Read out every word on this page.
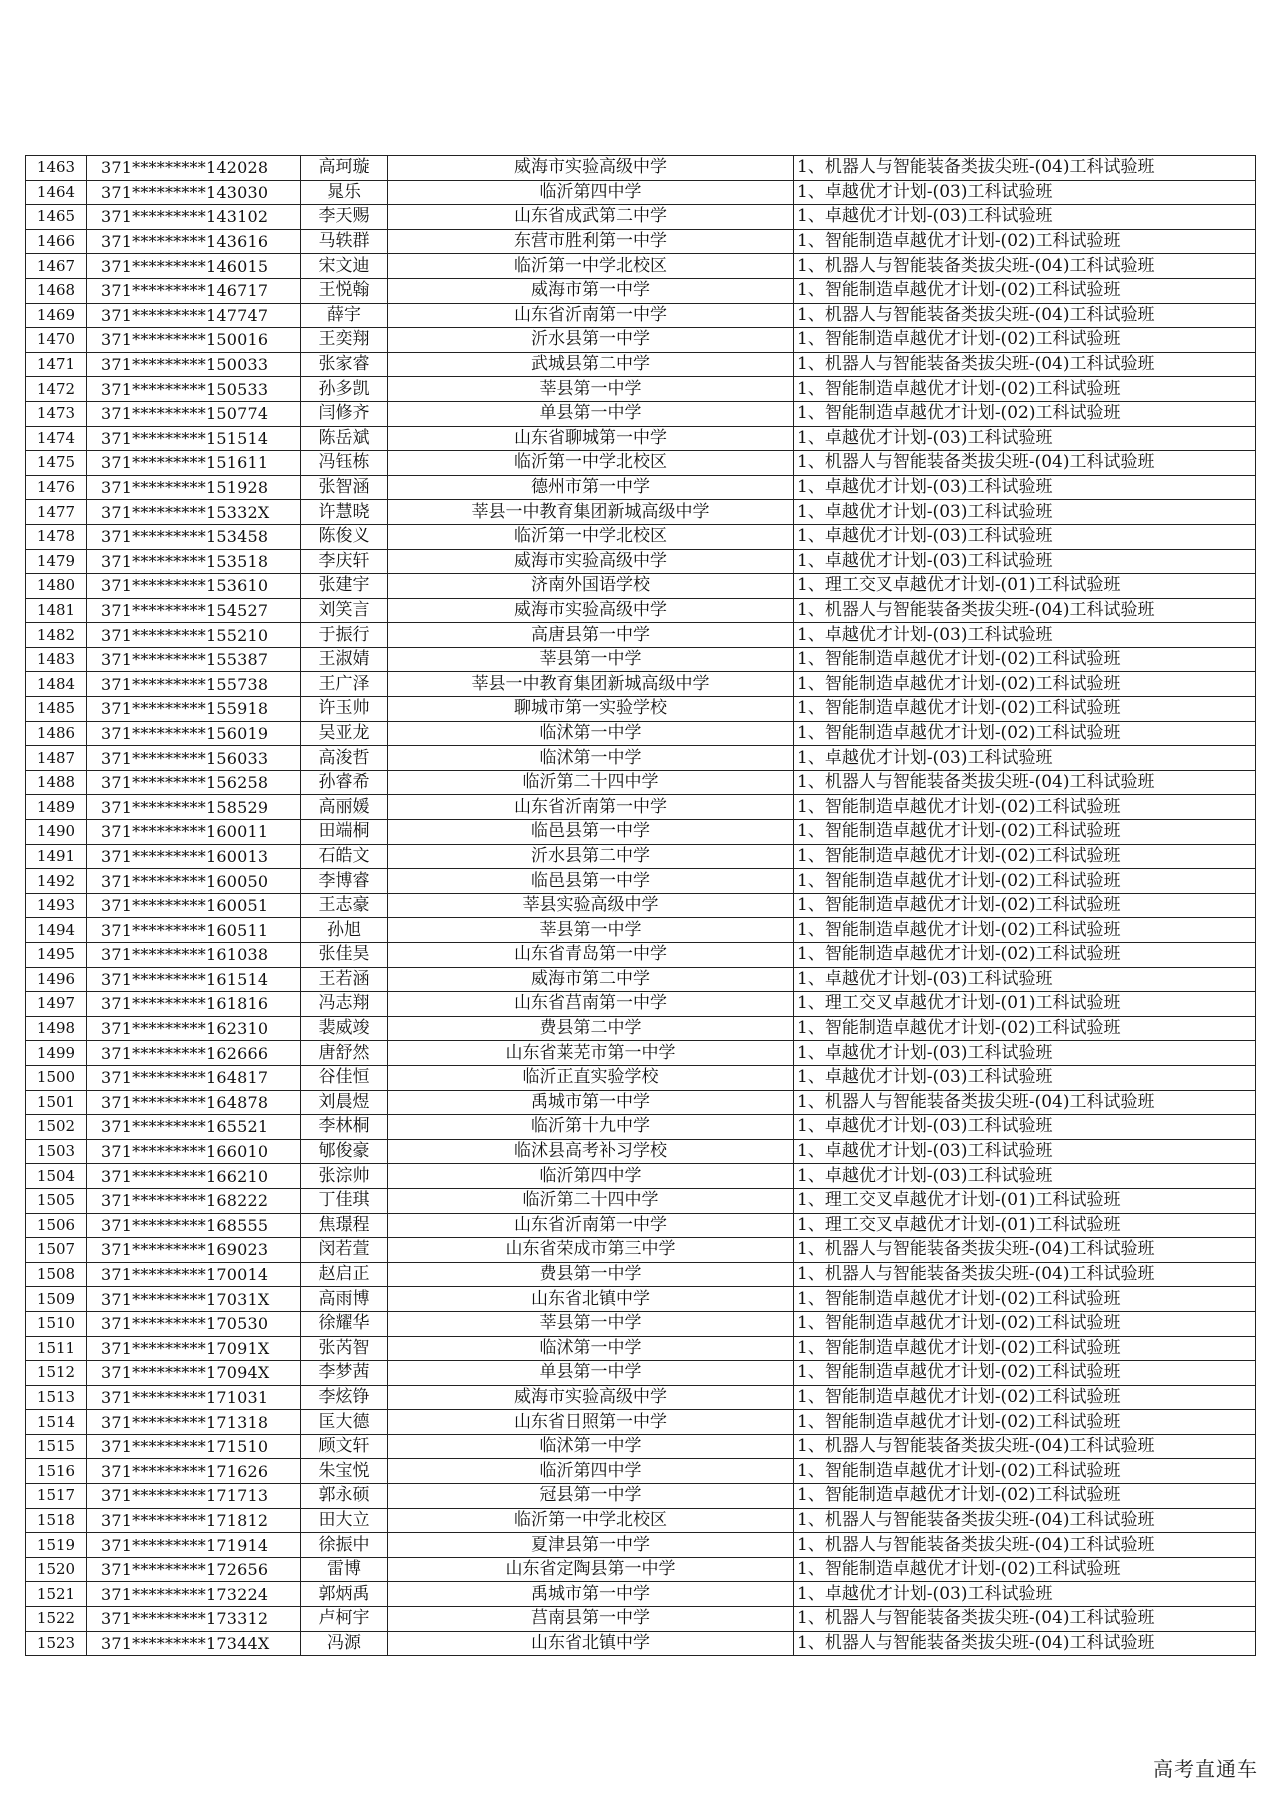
1463	371*********142028	高珂璇	威海市实验高级中学	1、机器人与智能装备类拔尖班-(04)工科试验班
1464	371*********143030	晁乐	临沂第四中学	1、卓越优才计划-(03)工科试验班
1465	371*********143102	李天赐	山东省成武第二中学	1、卓越优才计划-(03)工科试验班
1466	371*********143616	马轶群	东营市胜利第一中学	1、智能制造卓越优才计划-(02)工科试验班
1467	371*********146015	宋文迪	临沂第一中学北校区	1、机器人与智能装备类拔尖班-(04)工科试验班
1468	371*********146717	王悦翰	威海市第一中学	1、智能制造卓越优才计划-(02)工科试验班
1469	371*********147747	薛宇	山东省沂南第一中学	1、机器人与智能装备类拔尖班-(04)工科试验班
1470	371*********150016	王奕翔	沂水县第一中学	1、智能制造卓越优才计划-(02)工科试验班
1471	371*********150033	张家睿	武城县第二中学	1、机器人与智能装备类拔尖班-(04)工科试验班
1472	371*********150533	孙多凯	莘县第一中学	1、智能制造卓越优才计划-(02)工科试验班
1473	371*********150774	闫修齐	单县第一中学	1、智能制造卓越优才计划-(02)工科试验班
1474	371*********151514	陈岳斌	山东省聊城第一中学	1、卓越优才计划-(03)工科试验班
1475	371*********151611	冯钰栋	临沂第一中学北校区	1、机器人与智能装备类拔尖班-(04)工科试验班
1476	371*********151928	张智涵	德州市第一中学	1、卓越优才计划-(03)工科试验班
1477	371*********15332X	许慧晓	莘县一中教育集团新城高级中学	1、卓越优才计划-(03)工科试验班
1478	371*********153458	陈俊义	临沂第一中学北校区	1、卓越优才计划-(03)工科试验班
1479	371*********153518	李庆轩	威海市实验高级中学	1、卓越优才计划-(03)工科试验班
1480	371*********153610	张建宇	济南外国语学校	1、理工交叉卓越优才计划-(01)工科试验班
1481	371*********154527	刘笑言	威海市实验高级中学	1、机器人与智能装备类拔尖班-(04)工科试验班
1482	371*********155210	于振行	高唐县第一中学	1、卓越优才计划-(03)工科试验班
1483	371*********155387	王淑婧	莘县第一中学	1、智能制造卓越优才计划-(02)工科试验班
1484	371*********155738	王广泽	莘县一中教育集团新城高级中学	1、智能制造卓越优才计划-(02)工科试验班
1485	371*********155918	许玉帅	聊城市第一实验学校	1、智能制造卓越优才计划-(02)工科试验班
1486	371*********156019	吴亚龙	临沭第一中学	1、智能制造卓越优才计划-(02)工科试验班
1487	371*********156033	高浚哲	临沭第一中学	1、卓越优才计划-(03)工科试验班
1488	371*********156258	孙睿希	临沂第二十四中学	1、机器人与智能装备类拔尖班-(04)工科试验班
1489	371*********158529	高丽媛	山东省沂南第一中学	1、智能制造卓越优才计划-(02)工科试验班
1490	371*********160011	田端桐	临邑县第一中学	1、智能制造卓越优才计划-(02)工科试验班
1491	371*********160013	石皓文	沂水县第二中学	1、智能制造卓越优才计划-(02)工科试验班
1492	371*********160050	李博睿	临邑县第一中学	1、智能制造卓越优才计划-(02)工科试验班
1493	371*********160051	王志豪	莘县实验高级中学	1、智能制造卓越优才计划-(02)工科试验班
1494	371*********160511	孙旭	莘县第一中学	1、智能制造卓越优才计划-(02)工科试验班
1495	371*********161038	张佳昊	山东省青岛第一中学	1、智能制造卓越优才计划-(02)工科试验班
1496	371*********161514	王若涵	威海市第二中学	1、卓越优才计划-(03)工科试验班
1497	371*********161816	冯志翔	山东省莒南第一中学	1、理工交叉卓越优才计划-(01)工科试验班
1498	371*********162310	裴威竣	费县第二中学	1、智能制造卓越优才计划-(02)工科试验班
1499	371*********162666	唐舒然	山东省莱芜市第一中学	1、卓越优才计划-(03)工科试验班
1500	371*********164817	谷佳恒	临沂正直实验学校	1、卓越优才计划-(03)工科试验班
1501	371*********164878	刘晨煜	禹城市第一中学	1、机器人与智能装备类拔尖班-(04)工科试验班
1502	371*********165521	李林桐	临沂第十九中学	1、卓越优才计划-(03)工科试验班
1503	371*********166010	郇俊豪	临沭县高考补习学校	1、卓越优才计划-(03)工科试验班
1504	371*********166210	张淙帅	临沂第四中学	1、卓越优才计划-(03)工科试验班
1505	371*********168222	丁佳琪	临沂第二十四中学	1、理工交叉卓越优才计划-(01)工科试验班
1506	371*********168555	焦璟程	山东省沂南第一中学	1、理工交叉卓越优才计划-(01)工科试验班
1507	371*********169023	闵若萱	山东省荣成市第三中学	1、机器人与智能装备类拔尖班-(04)工科试验班
1508	371*********170014	赵启正	费县第一中学	1、机器人与智能装备类拔尖班-(04)工科试验班
1509	371*********17031X	高雨博	山东省北镇中学	1、智能制造卓越优才计划-(02)工科试验班
1510	371*********170530	徐耀华	莘县第一中学	1、智能制造卓越优才计划-(02)工科试验班
1511	371*********17091X	张芮智	临沭第一中学	1、智能制造卓越优才计划-(02)工科试验班
1512	371*********17094X	李梦茜	单县第一中学	1、智能制造卓越优才计划-(02)工科试验班
1513	371*********171031	李炫铮	威海市实验高级中学	1、智能制造卓越优才计划-(02)工科试验班
1514	371*********171318	匡大德	山东省日照第一中学	1、智能制造卓越优才计划-(02)工科试验班
1515	371*********171510	顾文轩	临沭第一中学	1、机器人与智能装备类拔尖班-(04)工科试验班
1516	371*********171626	朱宝悦	临沂第四中学	1、智能制造卓越优才计划-(02)工科试验班
1517	371*********171713	郭永硕	冠县第一中学	1、智能制造卓越优才计划-(02)工科试验班
1518	371*********171812	田大立	临沂第一中学北校区	1、机器人与智能装备类拔尖班-(04)工科试验班
1519	371*********171914	徐振中	夏津县第一中学	1、机器人与智能装备类拔尖班-(04)工科试验班
1520	371*********172656	雷博	山东省定陶县第一中学	1、智能制造卓越优才计划-(02)工科试验班
1521	371*********173224	郭炳禹	禹城市第一中学	1、卓越优才计划-(03)工科试验班
1522	371*********173312	卢柯宇	莒南县第一中学	1、机器人与智能装备类拔尖班-(04)工科试验班
1523	371*********17344X	冯源	山东省北镇中学	1、机器人与智能装备类拔尖班-(04)工科试验班
高考直通车
